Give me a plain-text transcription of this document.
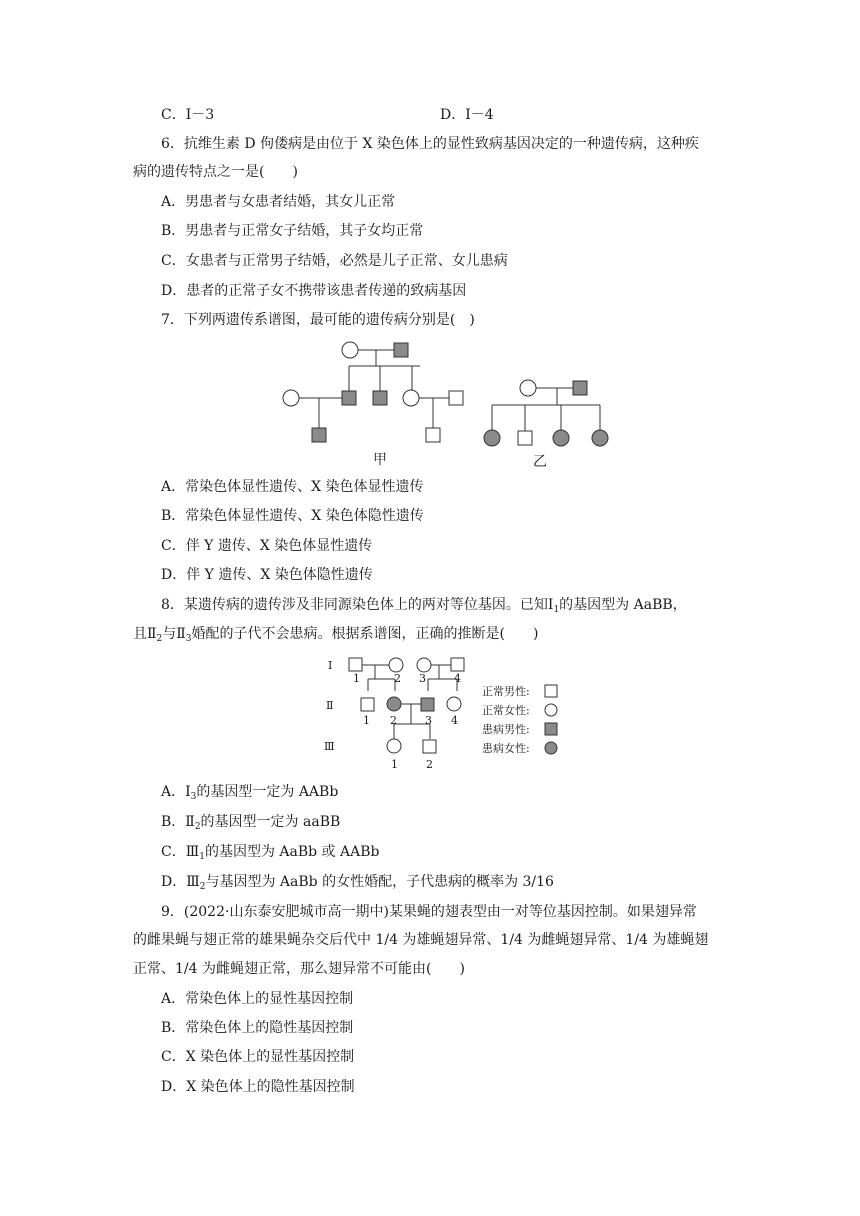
C．Ⅰ－3	D．Ⅰ－4
6．抗维生素 D 佝偻病是由位于 X 染色体上的显性致病基因决定的一种遗传病，这种疾
病的遗传特点之一是(　　)
A．男患者与女患者结婚，其女儿正常
B．男患者与正常女子结婚，其子女均正常
C．女患者与正常男子结婚，必然是儿子正常、女儿患病
D．患者的正常子女不携带该患者传递的致病基因
7．下列两遗传系谱图，最可能的遗传病分别是(　)
甲	乙
A．常染色体显性遗传、X 染色体显性遗传
B．常染色体显性遗传、X 染色体隐性遗传
C．伴 Y 遗传、X 染色体显性遗传
D．伴 Y 遗传、X 染色体隐性遗传
8．某遗传病的遗传涉及非同源染色体上的两对等位基因。已知$Ⅰ_1$的基因型为 AaBB，
且$Ⅱ_2$与$Ⅱ_3$婚配的子代不会患病。根据系谱图，正确的推断是(　　)
Ⅰ
Ⅱ
Ⅲ
1	2 3	4
1 2	3 4
1	2
正常男性:
正常女性:
患病男性:
患病女性:
A．$Ⅰ_3$的基因型一定为 AABb
B．$Ⅱ_2$的基因型一定为 aaBB
C．$Ⅲ_1$的基因型为 AaBb 或 AABb
D．$Ⅲ_2$与基因型为 AaBb 的女性婚配，子代患病的概率为 3/16
9．(2022·山东泰安肥城市高一期中)某果蝇的翅表型由一对等位基因控制。如果翅异常
的雌果蝇与翅正常的雄果蝇杂交后代中 1/4 为雄蝇翅异常、1/4 为雌蝇翅异常、1/4 为雄蝇翅
正常、1/4 为雌蝇翅正常，那么翅异常不可能由(　　)
A．常染色体上的显性基因控制
B．常染色体上的隐性基因控制
C．X 染色体上的显性基因控制
D．X 染色体上的隐性基因控制
